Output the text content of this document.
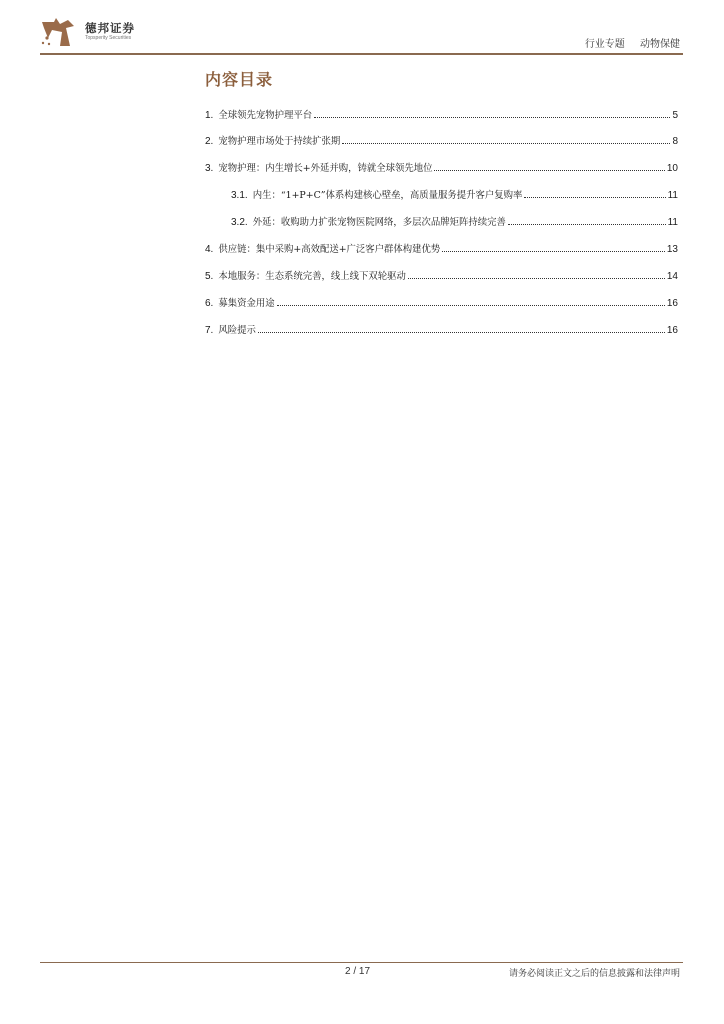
德邦证券
Topsperity Securities
行业专题 动物保健
内容目录
1. 全球领先宠物护理平台	5
2. 宠物护理市场处于持续扩张期	8
3. 宠物护理：内生增长+外延并购，铸就全球领先地位	10
3.1. 内生：“1+P+C”体系构建核心壁垒，高质量服务提升客户复购率	11
3.2. 外延：收购助力扩张宠物医院网络，多层次品牌矩阵持续完善	11
4. 供应链：集中采购+高效配送+广泛客户群体构建优势	13
5. 本地服务：生态系统完善，线上线下双轮驱动	14
6. 募集资金用途	16
7. 风险提示	16
2 / 17	请务必阅读正文之后的信息披露和法律声明
